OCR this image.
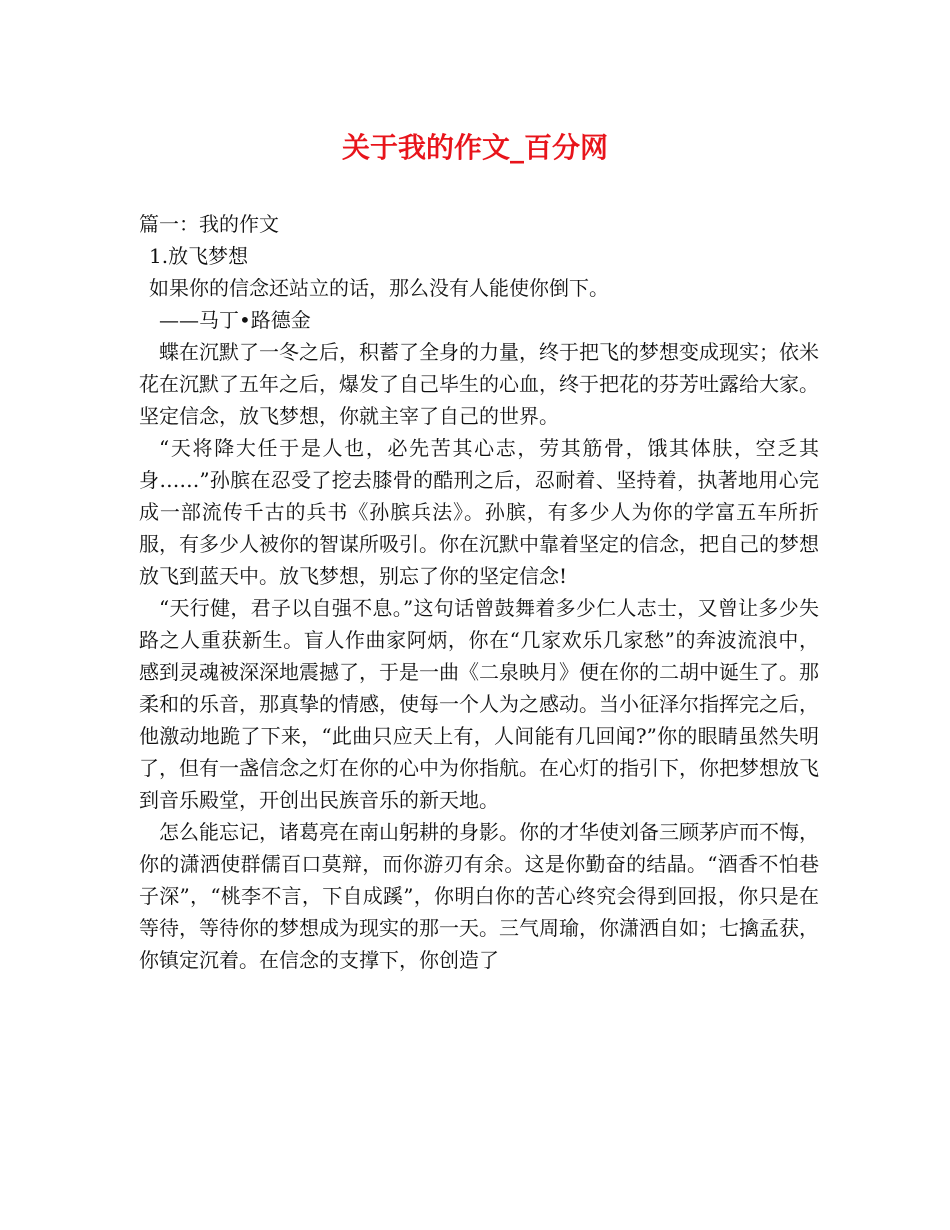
关于我的作文_百分网
篇一：我的作文
1.放飞梦想
如果你的信念还站立的话，那么没有人能使你倒下。
——马丁•路德金

蝶在沉默了一冬之后，积蓄了全身的力量，终于把飞的梦想变成现实；依米花在沉默了五年之后，爆发了自己毕生的心血，终于把花的芬芳吐露给大家。坚定信念，放飞梦想，你就主宰了自己的世界。

“天将降大任于是人也，必先苦其心志，劳其筋骨，饿其体肤，空乏其身……”孙膑在忍受了挖去膝骨的酷刑之后，忍耐着、坚持着，执著地用心完成一部流传千古的兵书《孙膑兵法》。孙膑，有多少人为你的学富五车所折服，有多少人被你的智谋所吸引。你在沉默中靠着坚定的信念，把自己的梦想放飞到蓝天中。放飞梦想，别忘了你的坚定信念!

“天行健，君子以自强不息。”这句话曾鼓舞着多少仁人志士，又曾让多少失路之人重获新生。盲人作曲家阿炳，你在“几家欢乐几家愁”的奔波流浪中，感到灵魂被深深地震撼了，于是一曲《二泉映月》便在你的二胡中诞生了。那柔和的乐音，那真挚的情感，使每一个人为之感动。当小征泽尔指挥完之后，他激动地跪了下来，“此曲只应天上有，人间能有几回闻?”你的眼睛虽然失明了，但有一盏信念之灯在你的心中为你指航。在心灯的指引下，你把梦想放飞到音乐殿堂，开创出民族音乐的新天地。

怎么能忘记，诸葛亮在南山躬耕的身影。你的才华使刘备三顾茅庐而不悔，你的潇洒使群儒百口莫辩，而你游刃有余。这是你勤奋的结晶。“酒香不怕巷子深”，“桃李不言，下自成蹊”，你明白你的苦心终究会得到回报，你只是在等待，等待你的梦想成为现实的那一天。三气周瑜，你潇洒自如；七擒孟获，你镇定沉着。在信念的支撑下，你创造了
